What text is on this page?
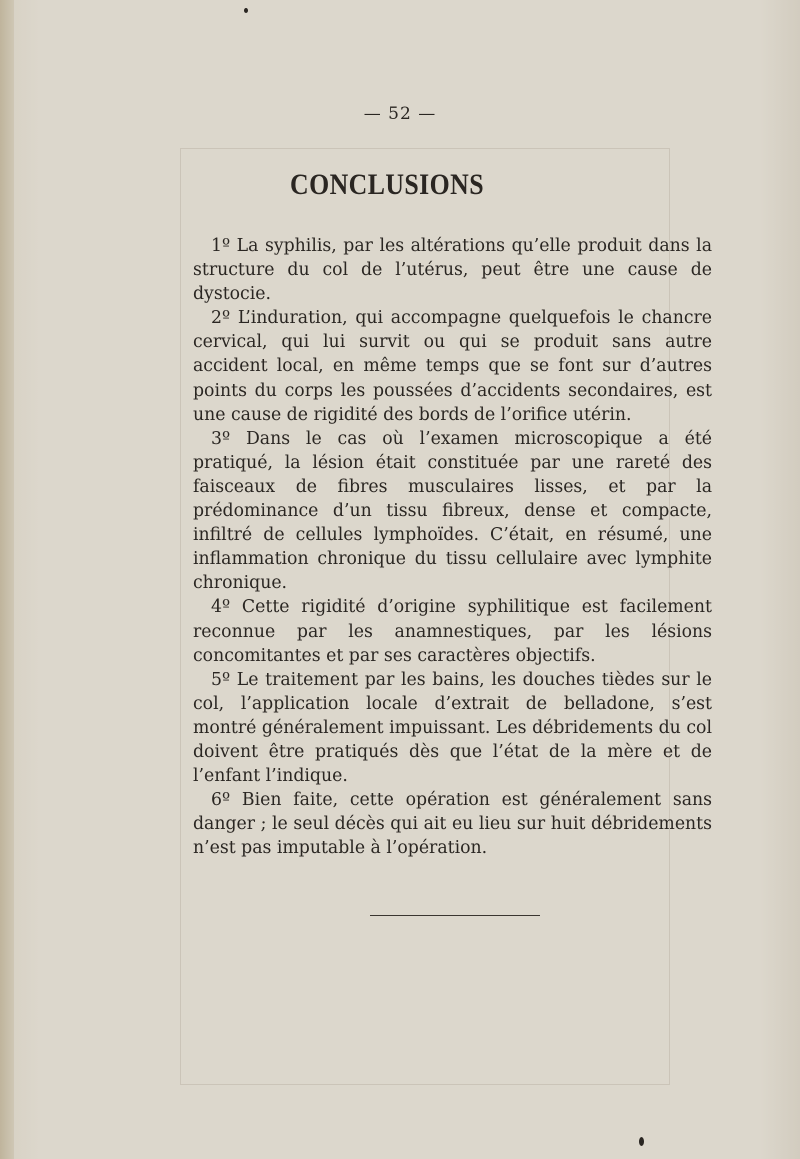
— 52 —
CONCLUSIONS

1º La syphilis, par les altérations qu’elle produit dans la structure du col de l’utérus, peut être une cause de dystocie.

2º L’induration, qui accompagne quelquefois le chancre cervical, qui lui survit ou qui se produit sans autre accident local, en même temps que se font sur d’autres points du corps les poussées d’accidents secondaires, est une cause de rigidité des bords de l’orifice utérin.

3º Dans le cas où l’examen microscopique a été pratiqué, la lésion était constituée par une rareté des faisceaux de fibres musculaires lisses, et par la prédominance d’un tissu fibreux, dense et compacte, infiltré de cellules lymphoïdes. C’était, en résumé, une inflammation chronique du tissu cellulaire avec lymphite chronique.

4º Cette rigidité d’origine syphilitique est facilement reconnue par les anamnestiques, par les lésions concomitantes et par ses caractères objectifs.

5º Le traitement par les bains, les douches tièdes sur le col, l’application locale d’extrait de belladone, s’est montré généralement impuissant. Les débridements du col doivent être pratiqués dès que l’état de la mère et de l’enfant l’indique.

6º Bien faite, cette opération est généralement sans danger ; le seul décès qui ait eu lieu sur huit débridements n’est pas imputable à l’opération.
